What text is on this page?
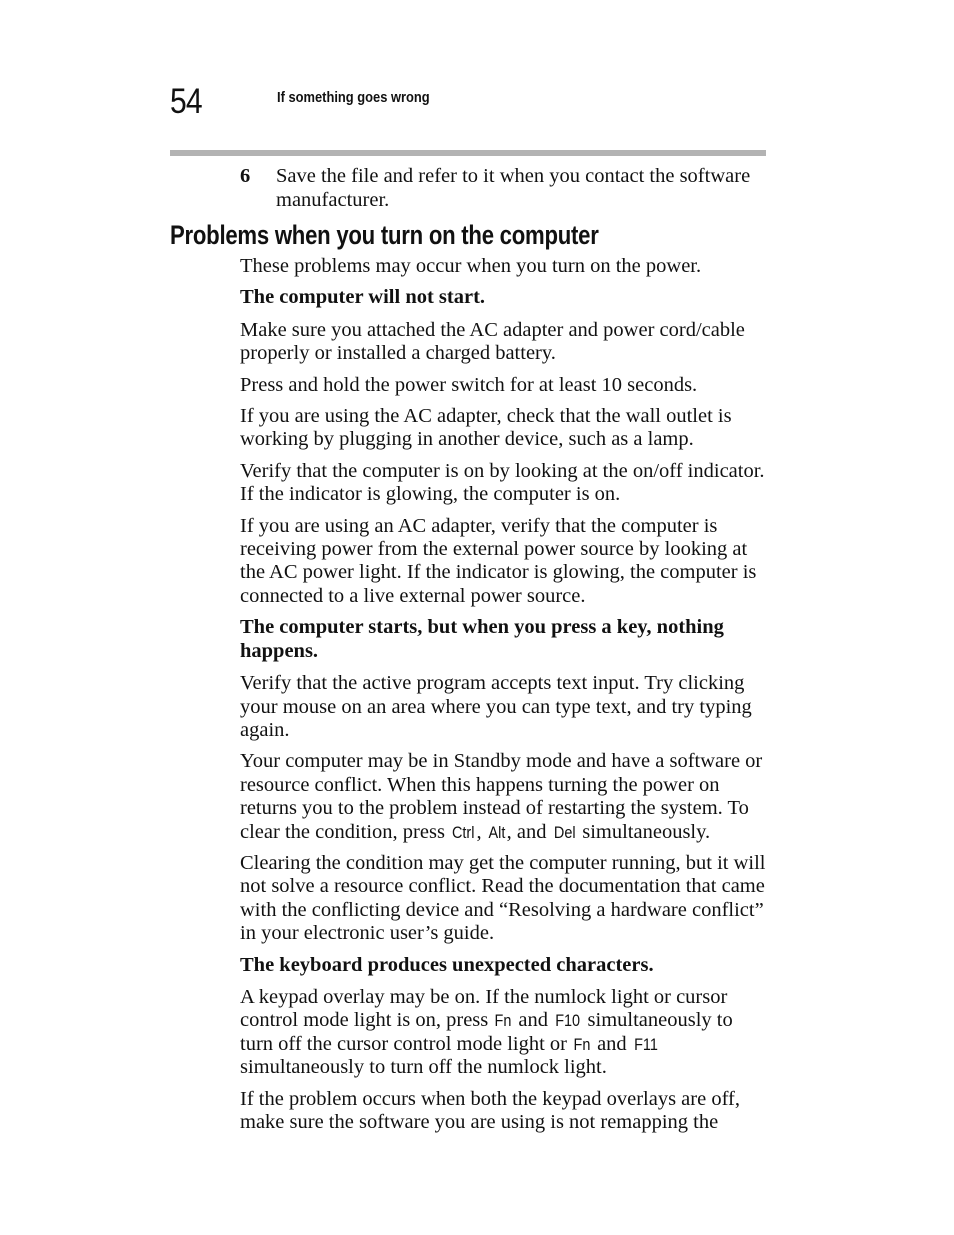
54	If something goes wrong
6 Save the file and refer to it when you contact the software manufacturer.
Problems when you turn on the computer

These problems may occur when you turn on the power.

The computer will not start.

Make sure you attached the AC adapter and power cord/cable properly or installed a charged battery.

Press and hold the power switch for at least 10 seconds.

If you are using the AC adapter, check that the wall outlet is working by plugging in another device, such as a lamp.

Verify that the computer is on by looking at the on/off indicator. If the indicator is glowing, the computer is on.

If you are using an AC adapter, verify that the computer is receiving power from the external power source by looking at the AC power light. If the indicator is glowing, the computer is connected to a live external power source.

The computer starts, but when you press a key, nothing happens.

Verify that the active program accepts text input. Try clicking your mouse on an area where you can type text, and try typing again.

Your computer may be in Standby mode and have a software or resource conflict. When this happens turning the power on returns you to the problem instead of restarting the system. To clear the condition, press Ctrl, Alt, and Del simultaneously.

Clearing the condition may get the computer running, but it will not solve a resource conflict. Read the documentation that came with the conflicting device and “Resolving a hardware conflict” in your electronic user’s guide.

The keyboard produces unexpected characters.

A keypad overlay may be on. If the numlock light or cursor control mode light is on, press Fn and F10 simultaneously to turn off the cursor control mode light or Fn and F11 simultaneously to turn off the numlock light.

If the problem occurs when both the keypad overlays are off, make sure the software you are using is not remapping the
